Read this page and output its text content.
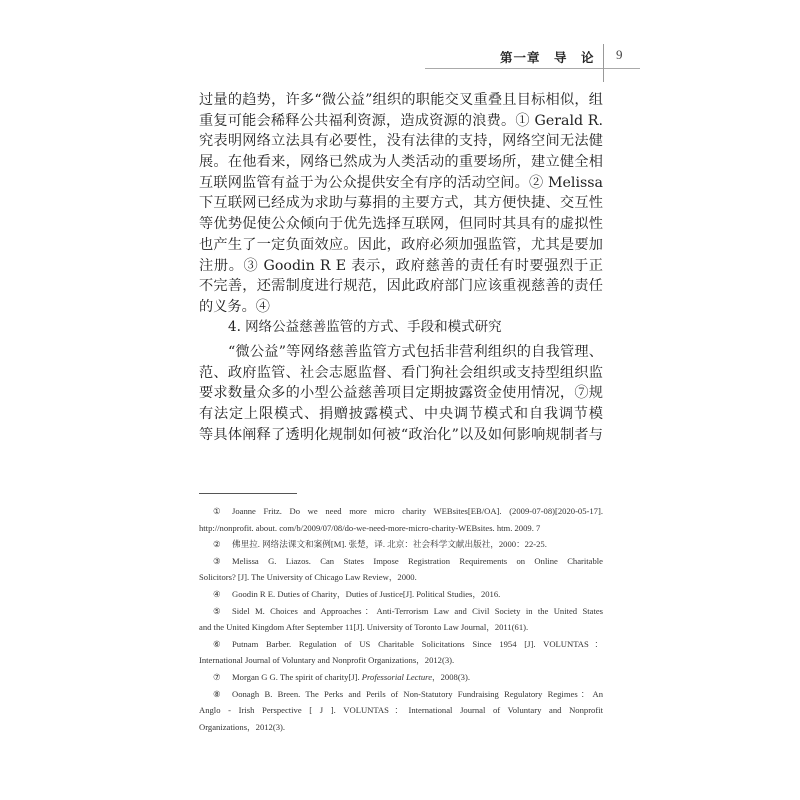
第一章　导　论 9
过量的趋势，许多“微公益”组织的职能交叉重叠且目标相似，组
重复可能会稀释公共福利资源，造成资源的浪费。① Gerald R.
究表明网络立法具有必要性，没有法律的支持，网络空间无法健
展。在他看来，网络已然成为人类活动的重要场所，建立健全相
互联网监管有益于为公众提供安全有序的活动空间。② Melissa
下互联网已经成为求助与募捐的主要方式，其方便快捷、交互性
等优势促使公众倾向于优先选择互联网，但同时其具有的虚拟性
也产生了一定负面效应。因此，政府必须加强监管，尤其是要加
注册。③ Goodin R E 表示，政府慈善的责任有时要强烈于正
不完善，还需制度进行规范，因此政府部门应该重视慈善的责任
的义务。④
4. 网络公益慈善监管的方式、手段和模式研究
“微公益”等网络慈善监管方式包括非营利组织的自我管理、
范、政府监管、社会志愿监督、看门狗社会组织或支持型组织监
要求数量众多的小型公益慈善项目定期披露资金使用情况，⑦规
有法定上限模式、捐赠披露模式、中央调节模式和自我调节模
等具体阐释了透明化规制如何被“政治化”以及如何影响规制者与
① Joanne Fritz. Do we need more micro charity WEBsites[EB/OA]. (2009-07-08)[2020-05-17].
http://nonprofit. about. com/b/2009/07/08/do-we-need-more-micro-charity-WEBsites. htm. 2009. 7
② 佛里拉. 网络法课文和案例[M]. 张楚，译. 北京：社会科学文献出版社，2000：22-25.
③ Melissa G. Liazos. Can States Impose Registration Requirements on Online Charitable
Solicitors? [J]. The University of Chicago Law Review，2000.
④ Goodin R E. Duties of Charity，Duties of Justice[J]. Political Studies，2016.
⑤ Sidel M. Choices and Approaches：Anti-Terrorism Law and Civil Society in the United States
and the United Kingdom After September 11[J]. University of Toronto Law Journal，2011(61).
⑥ Putnam Barber. Regulation of US Charitable Solicitations Since 1954 [J]. VOLUNTAS：
International Journal of Voluntary and Nonprofit Organizations，2012(3).
⑦ Morgan G G. The spirit of charity[J]. Professorial Lecture，2008(3).
⑧ Oonagh B. Breen. The Perks and Perils of Non-Statutory Fundraising Regulatory Regimes：An
Anglo - Irish Perspective [ J ]. VOLUNTAS：International Journal of Voluntary and Nonprofit
Organizations，2012(3).
